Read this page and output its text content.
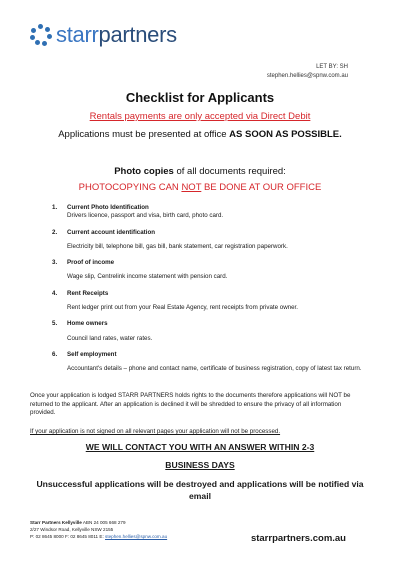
starrpartners
LET BY: SH
stephen.hellies@spnw.com.au
Checklist for Applicants
Rentals payments are only accepted via Direct Debit
Applications must be presented at office AS SOON AS POSSIBLE.
Photo copies of all documents required:
PHOTOCOPYING CAN NOT BE DONE AT OUR OFFICE
1.	Current Photo Identification
Drivers licence, passport and visa, birth card, photo card.
2.	Current account identification
Electricity bill, telephone bill, gas bill, bank statement, car registration paperwork.
3.	Proof of income
Wage slip, Centrelink income statement with pension card.
4.	Rent Receipts
Rent ledger print out from your Real Estate Agency, rent receipts from private owner.
5.	Home owners
Council land rates, water rates.
6.	Self employment
Accountant's details – phone and contact name, certificate of business registration, copy of latest tax return.
Once your application is lodged STARR PARTNERS holds rights to the documents therefore applications will NOT be returned to the applicant. After an application is declined it will be shredded to ensure the privacy of all information provided.
If your application is not signed on all relevant pages your application will not be processed.
WE WILL CONTACT YOU WITH AN ANSWER WITHIN 2-3
BUSINESS DAYS
Unsuccessful applications will be destroyed and applications will be notified via email
Starr Partners Kellyville ABN 24 005 668 279
2/27 Windsor Road, Kellyville NSW 2155
P: 02 8645 8000 F: 02 8645 8011 E: stephen.hellies@spnw.com.au	starrpartners.com.au
